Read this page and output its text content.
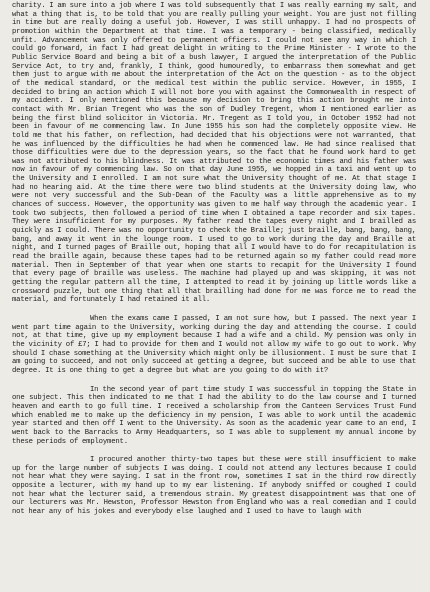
charity. I am sure into a job where I was told subsequently that I was really earning my salt, and what a thing that is, to be told that you are really pulling your weight. You are just not filling in time but are really doing a useful job. However, I was still unhappy. I had no prospects of promotion within the Department at that time. I was a temporary - being classified, medically unfit. Advancement was only offered to permanent officers. I could not see any way in which I could go forward, in fact I had great delight in writing to the Prime Minister - I wrote to the Public Service Board and being a bit of a bush lawyer, I argued the interpretation of the Public Service Act, to try and, frankly, I think, good humouredly, to embarrass them somewhat and get them just to argue with me about the interpretation of the Act on the question - as to the object of the medical standard, or the medical test within the public service. However, in 1955, I decided to bring an action which I will not bore you with against the Commonwealth in respect of my accident. I only mentioned this because my decision to bring this action brought me into contact with Mr. Brian Tregent who was the son of Dudley Tregent, whom I mentioned earlier as being the first blind solicitor in Victoria. Mr. Tregent as I told you, in October 1952 had not been in favour of me commencing law. In June 1955 his son had the completely opposite view. He told me that his father, on reflection, had decided that his objections were not warranted, that he was influenced by the difficulties he had when he commenced law. He had since realised that those difficulties were due to the depression years, so the fact that he found work hard to get was not attributed to his blindness. It was attributed to the economic times and his father was now in favour of my commencing law. So on that day June 1955, we hopped in a taxi and went up to the University and I enrolled. I am not sure what the University thought of me. At that stage I had no hearing aid. At the time there were two blind students at the University doing law, who were not very successful and the Sub-Dean of the Faculty was a little apprehensive as to my chances of success. However, the opportunity was given to me half way through the academic year. I took two subjects, then followed a period of time when I obtained a tape recorder and six tapes. They were insufficient for my purposes. My father read the tapes every night and I brailled as quickly as I could. There was no opportunity to check the Braille; just braille, bang, bang, bang, bang, and away it went in the lounge room. I used to go to work during the day and Braille at night, and I turned pages of Braille out, hoping that all I would have to do for recapitulation is read the braille again, because these tapes had to be returned again so my father could read more material. Then in September of that year when one starts to recapit for the University I found that every page of braille was useless. The machine had played up and was skipping, it was not getting the regular pattern all the time, I attempted to read it by joining up little words like a crossword puzzle, but one thing that all that brailling had done for me was force me to read the material, and fortunately I had retained it all.

When the exams came I passed, I am not sure how, but I passed. The next year I went part time again to the University, working during the day and attending the course. I could not, at that time, give up my employment because I had a wife and a child. My pension was only in the vicinity of £7; I had to provide for them and I would not allow my wife to go out to work. Why should I chase something at the University which might only be illusionment. I must be sure that I am going to succeed, and not only succeed at getting a degree, but succeed and be able to use that degree. It is one thing to get a degree but what are you going to do with it?

In the second year of part time study I was successful in topping the State in one subject. This then indicated to me that I had the ability to do the law course and I turned heaven and earth to go full time. I received a scholarship from the Canteen Services Trust Fund which enabled me to make up the deficiency in my pension, I was able to work until the academic year started and then off I went to the University. As soon as the academic year came to an end, I went back to the Barracks to Army Headquarters, so I was able to supplement my annual income by these periods of employment.

I procured another thirty-two tapes but these were still insufficient to make up for the large number of subjects I was doing. I could not attend any lectures because I could not hear what they were saying. I sat in the front row, sometimes I sat in the third row directly opposite a lecturer, with my hand up to my ear listening. If anybody sniffed or coughed I could not hear what the lecturer said, a tremendous strain. My greatest disappointment was that one of our lecturers was Mr. Hewston, Professor Hewston from England who was a real comedian and I could not hear any of his jokes and everybody else laughed and I used to have to laugh with
